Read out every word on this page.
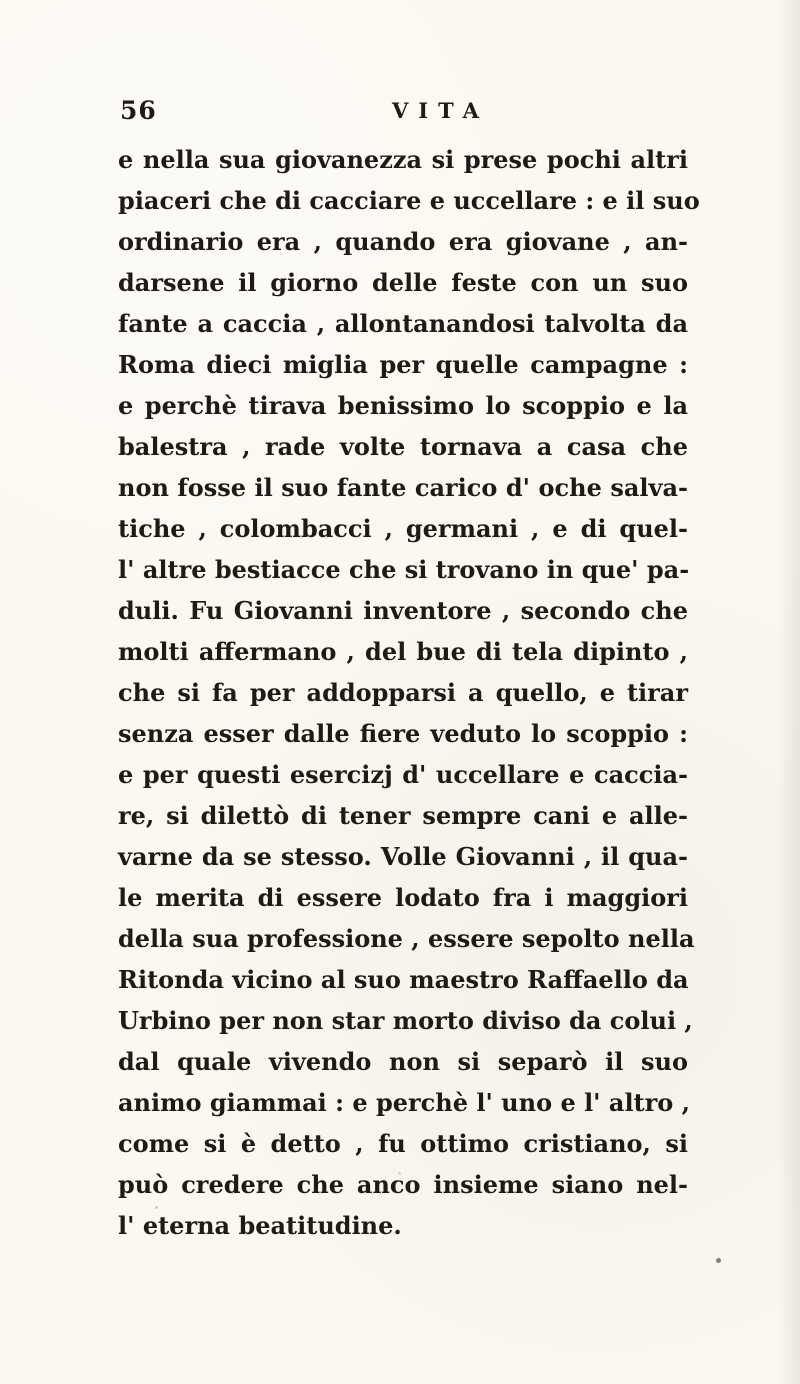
56	VITA
e nella sua giovanezza si prese pochi altri
piaceri che di cacciare e uccellare : e il suo
ordinario era , quando era giovane , an-
darsene il giorno delle feste con un suo
fante a caccia , allontanandosi talvolta da
Roma dieci miglia per quelle campagne :
e perchè tirava benissimo lo scoppio e la
balestra , rade volte tornava a casa che
non fosse il suo fante carico d' oche salva-
tiche , colombacci , germani , e di quel-
l' altre bestiacce che si trovano in que' pa-
duli. Fu Giovanni inventore , secondo che
molti affermano , del bue di tela dipinto ,
che si fa per addopparsi a quello, e tirar
senza esser dalle fiere veduto lo scoppio :
e per questi esercizj d' uccellare e caccia-
re, si dilettò di tener sempre cani e alle-
varne da se stesso. Volle Giovanni , il qua-
le merita di essere lodato fra i maggiori
della sua professione , essere sepolto nella
Ritonda vicino al suo maestro Raffaello da
Urbino per non star morto diviso da colui ,
dal quale vivendo non si separò il suo
animo giammai : e perchè l' uno e l' altro ,
come si è detto , fu ottimo cristiano, si
può credere che anco insieme siano nel-
l' eterna beatitudine.
